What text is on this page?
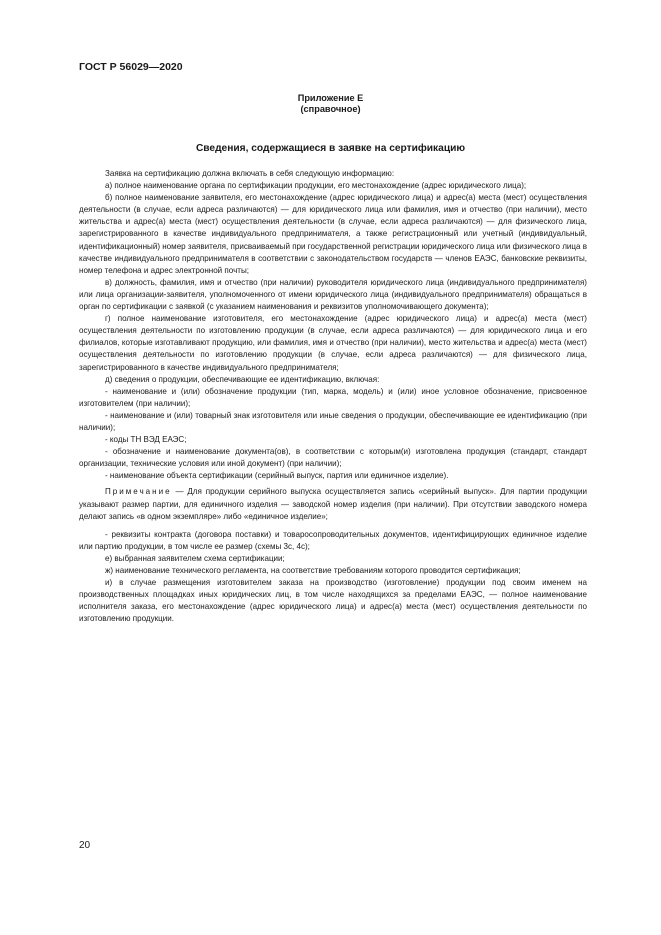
ГОСТ Р 56029—2020
Приложение Е
(справочное)
Сведения, содержащиеся в заявке на сертификацию

Заявка на сертификацию должна включать в себя следующую информацию:

а) полное наименование органа по сертификации продукции, его местонахождение (адрес юридического лица);

б) полное наименование заявителя, его местонахождение (адрес юридического лица) и адрес(а) места (мест) осуществления деятельности (в случае, если адреса различаются) — для юридического лица или фамилия, имя и отчество (при наличии), место жительства и адрес(а) места (мест) осуществления деятельности (в случае, если адреса различаются) — для физического лица, зарегистрированного в качестве индивидуального предпринимателя, а также регистрационный или учетный (индивидуальный, идентификационный) номер заявителя, присваиваемый при государственной регистрации юридического лица или физического лица в качестве индивидуального предпринимателя в соответствии с законодательством государств — членов ЕАЭС, банковские реквизиты, номер телефона и адрес электронной почты;

в) должность, фамилия, имя и отчество (при наличии) руководителя юридического лица (индивидуального предпринимателя) или лица организации-заявителя, уполномоченного от имени юридического лица (индивидуального предпринимателя) обращаться в орган по сертификации с заявкой (с указанием наименования и реквизитов уполномочивающего документа);

г) полное наименование изготовителя, его местонахождение (адрес юридического лица) и адрес(а) места (мест) осуществления деятельности по изготовлению продукции (в случае, если адреса различаются) — для юридического лица и его филиалов, которые изготавливают продукцию, или фамилия, имя и отчество (при наличии), место жительства и адрес(а) места (мест) осуществления деятельности по изготовлению продукции (в случае, если адреса различаются) — для физического лица, зарегистрированного в качестве индивидуального предпринимателя;

д) сведения о продукции, обеспечивающие ее идентификацию, включая:

- наименование и (или) обозначение продукции (тип, марка, модель) и (или) иное условное обозначение, присвоенное изготовителем (при наличии);

- наименование и (или) товарный знак изготовителя или иные сведения о продукции, обеспечивающие ее идентификацию (при наличии);

- коды ТН ВЭД ЕАЭС;

- обозначение и наименование документа(ов), в соответствии с которым(и) изготовлена продукция (стандарт, стандарт организации, технические условия или иной документ) (при наличии);

- наименование объекта сертификации (серийный выпуск, партия или единичное изделие).

Примечание — Для продукции серийного выпуска осуществляется запись «серийный выпуск». Для партии продукции указывают размер партии, для единичного изделия — заводской номер изделия (при наличии). При отсутствии заводского номера делают запись «в одном экземпляре» либо «единичное изделие»;

- реквизиты контракта (договора поставки) и товаросопроводительных документов, идентифицирующих единичное изделие или партию продукции, в том числе ее размер (схемы 3с, 4с);

е) выбранная заявителем схема сертификации;

ж) наименование технического регламента, на соответствие требованиям которого проводится сертификация;

и) в случае размещения изготовителем заказа на производство (изготовление) продукции под своим именем на производственных площадках иных юридических лиц, в том числе находящихся за пределами ЕАЭС, — полное наименование исполнителя заказа, его местонахождение (адрес юридического лица) и адрес(а) места (мест) осуществления деятельности по изготовлению продукции.

20
